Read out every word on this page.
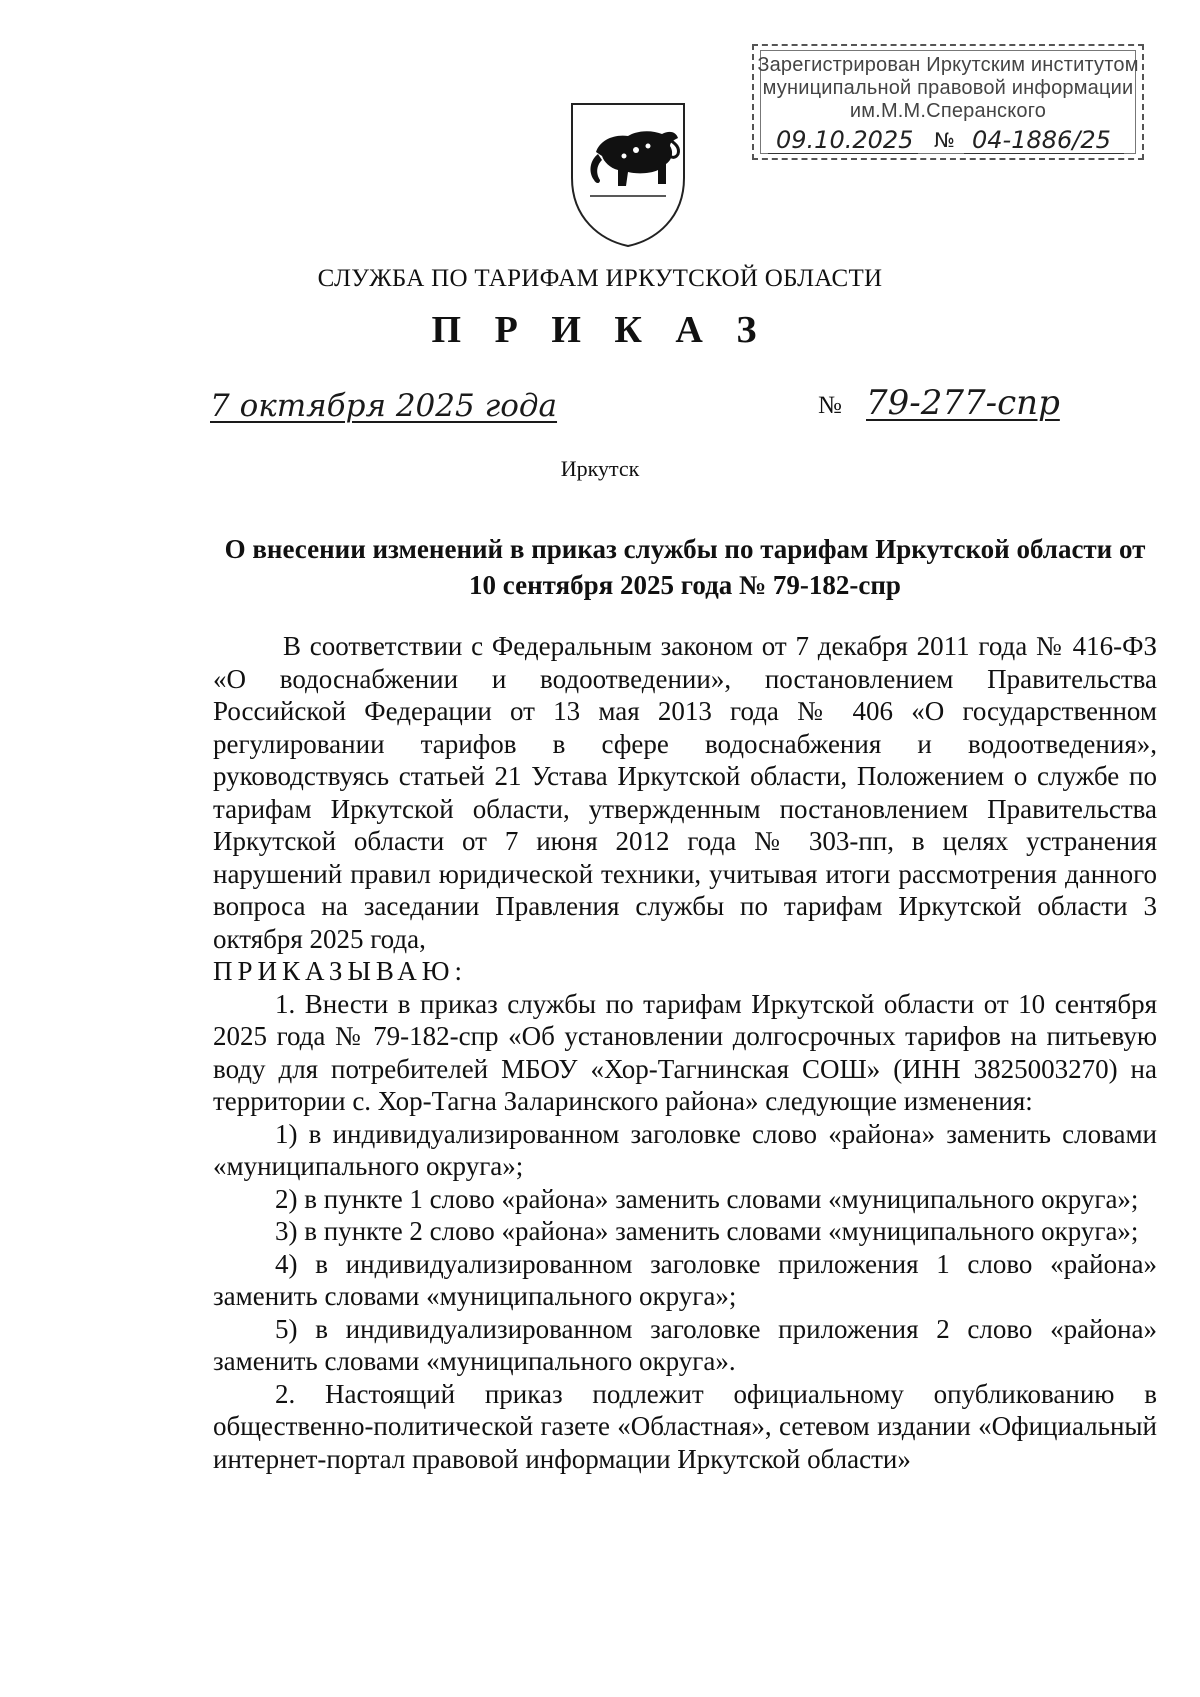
Зарегистрирован Иркутским институтом
муниципальной правовой информации
им.М.М.Сперанского
09.10.2025 № 04-1886/25
СЛУЖБА ПО ТАРИФАМ ИРКУТСКОЙ ОБЛАСТИ
П Р И К А З
7 октября 2025 года	№ 79-277-спр
Иркутск
О внесении изменений в приказ службы по тарифам Иркутской области от
10 сентября 2025 года № 79-182-спр

В соответствии с Федеральным законом от 7 декабря 2011 года № 416-ФЗ «О водоснабжении и водоотведении», постановлением Правительства Российской Федерации от 13 мая 2013 года № 406 «О государственном регулировании тарифов в сфере водоснабжения и водоотведения», руководствуясь статьей 21 Устава Иркутской области, Положением о службе по тарифам Иркутской области, утвержденным постановлением Правительства Иркутской области от 7 июня 2012 года № 303-пп, в целях устранения нарушений правил юридической техники, учитывая итоги рассмотрения данного вопроса на заседании Правления службы по тарифам Иркутской области 3 октября 2025 года,

ПРИКАЗЫВАЮ:

1. Внести в приказ службы по тарифам Иркутской области от 10 сентября 2025 года № 79-182-спр «Об установлении долгосрочных тарифов на питьевую воду для потребителей МБОУ «Хор-Тагнинская СОШ» (ИНН 3825003270) на территории с. Хор-Тагна Заларинского района» следующие изменения:

1) в индивидуализированном заголовке слово «района» заменить словами «муниципального округа»;

2) в пункте 1 слово «района» заменить словами «муниципального округа»;

3) в пункте 2 слово «района» заменить словами «муниципального округа»;

4) в индивидуализированном заголовке приложения 1 слово «района» заменить словами «муниципального округа»;

5) в индивидуализированном заголовке приложения 2 слово «района» заменить словами «муниципального округа».

2. Настоящий приказ подлежит официальному опубликованию в общественно-политической газете «Областная», сетевом издании «Официальный интернет-портал правовой информации Иркутской области»
